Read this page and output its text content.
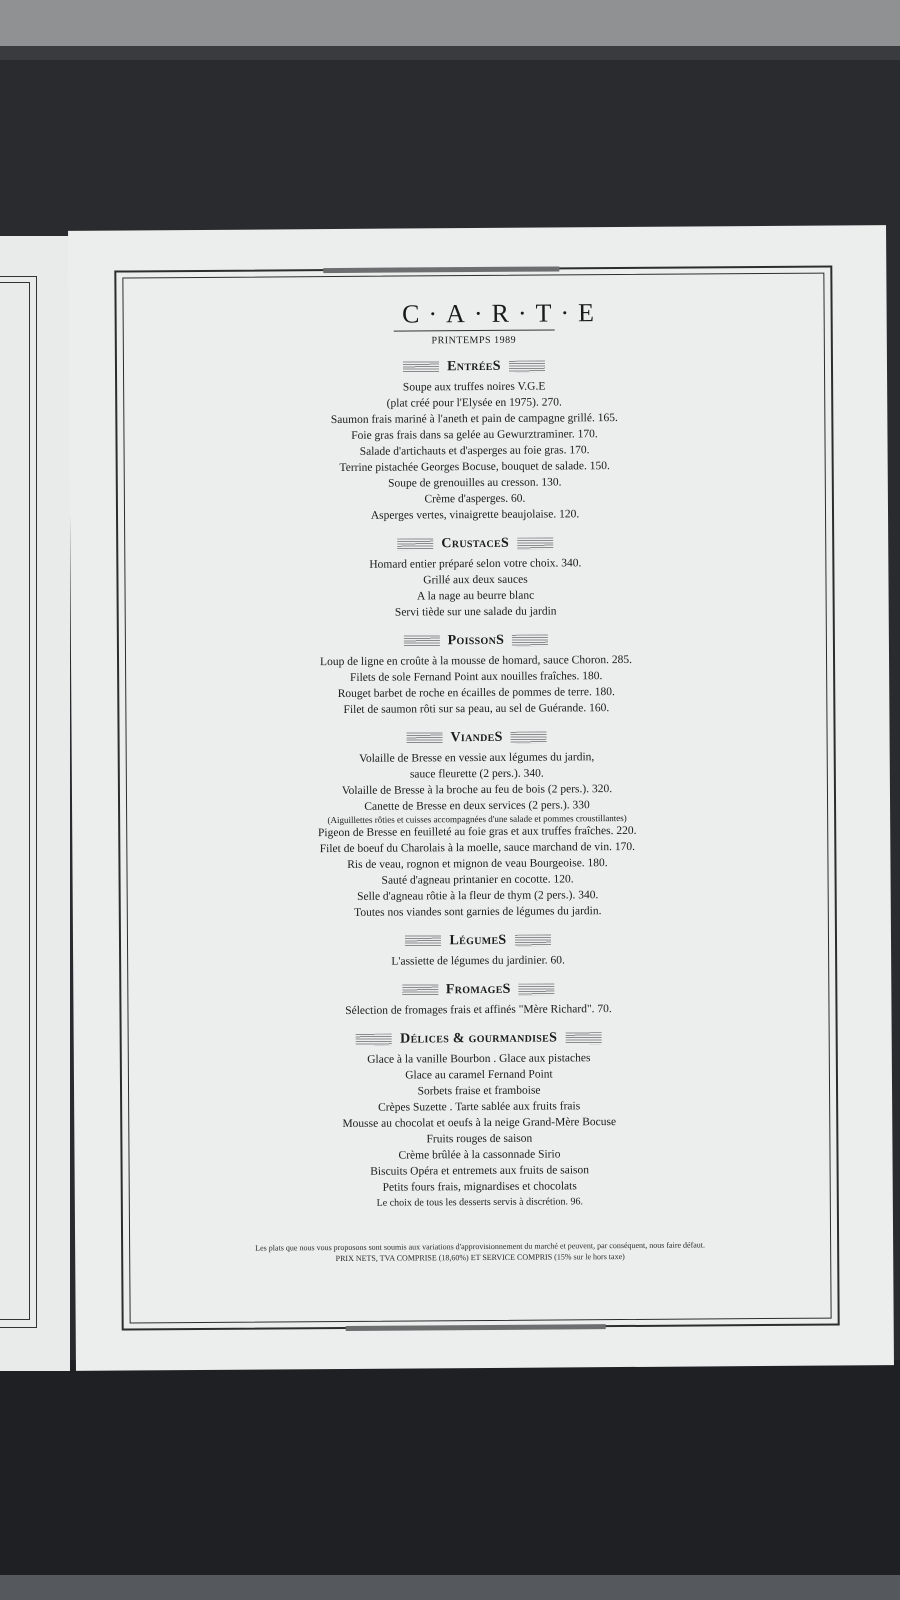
C·A·R·T·E
PRINTEMPS 1989
EntréeS
Soupe aux truffes noires V.G.E
(plat créé pour l'Elysée en 1975). 270.
Saumon frais mariné à l'aneth et pain de campagne grillé. 165.
Foie gras frais dans sa gelée au Gewurztraminer. 170.
Salade d'artichauts et d'asperges au foie gras. 170.
Terrine pistachée Georges Bocuse, bouquet de salade. 150.
Soupe de grenouilles au cresson. 130.
Crème d'asperges. 60.
Asperges vertes, vinaigrette beaujolaise. 120.
CrustaceS
Homard entier préparé selon votre choix. 340.
Grillé aux deux sauces
A la nage au beurre blanc
Servi tiède sur une salade du jardin
PoissonS
Loup de ligne en croûte à la mousse de homard, sauce Choron. 285.
Filets de sole Fernand Point aux nouilles fraîches. 180.
Rouget barbet de roche en écailles de pommes de terre. 180.
Filet de saumon rôti sur sa peau, au sel de Guérande. 160.
ViandeS
Volaille de Bresse en vessie aux légumes du jardin,
sauce fleurette (2 pers.). 340.
Volaille de Bresse à la broche au feu de bois (2 pers.). 320.
Canette de Bresse en deux services (2 pers.). 330
(Aiguillettes rôties et cuisses accompagnées d'une salade et pommes croustillantes)
Pigeon de Bresse en feuilleté au foie gras et aux truffes fraîches. 220.
Filet de boeuf du Charolais à la moelle, sauce marchand de vin. 170.
Ris de veau, rognon et mignon de veau Bourgeoise. 180.
Sauté d'agneau printanier en cocotte. 120.
Selle d'agneau rôtie à la fleur de thym (2 pers.). 340.
Toutes nos viandes sont garnies de légumes du jardin.
LégumeS
L'assiette de légumes du jardinier. 60.
FromageS
Sélection de fromages frais et affinés "Mère Richard". 70.
Délices & gourmandiseS
Glace à la vanille Bourbon . Glace aux pistaches
Glace au caramel Fernand Point
Sorbets fraise et framboise
Crèpes Suzette . Tarte sablée aux fruits frais
Mousse au chocolat et oeufs à la neige Grand-Mère Bocuse
Fruits rouges de saison
Crème brûlée à la cassonnade Sirio
Biscuits Opéra et entremets aux fruits de saison
Petits fours frais, mignardises et chocolats
Le choix de tous les desserts servis à discrétion. 96.
Les plats que nous vous proposons sont soumis aux variations d'approvisionnement du marché et peuvent, par conséquent, nous faire défaut.
PRIX NETS, TVA COMPRISE (18,60%) ET SERVICE COMPRIS (15% sur le hors taxe)
